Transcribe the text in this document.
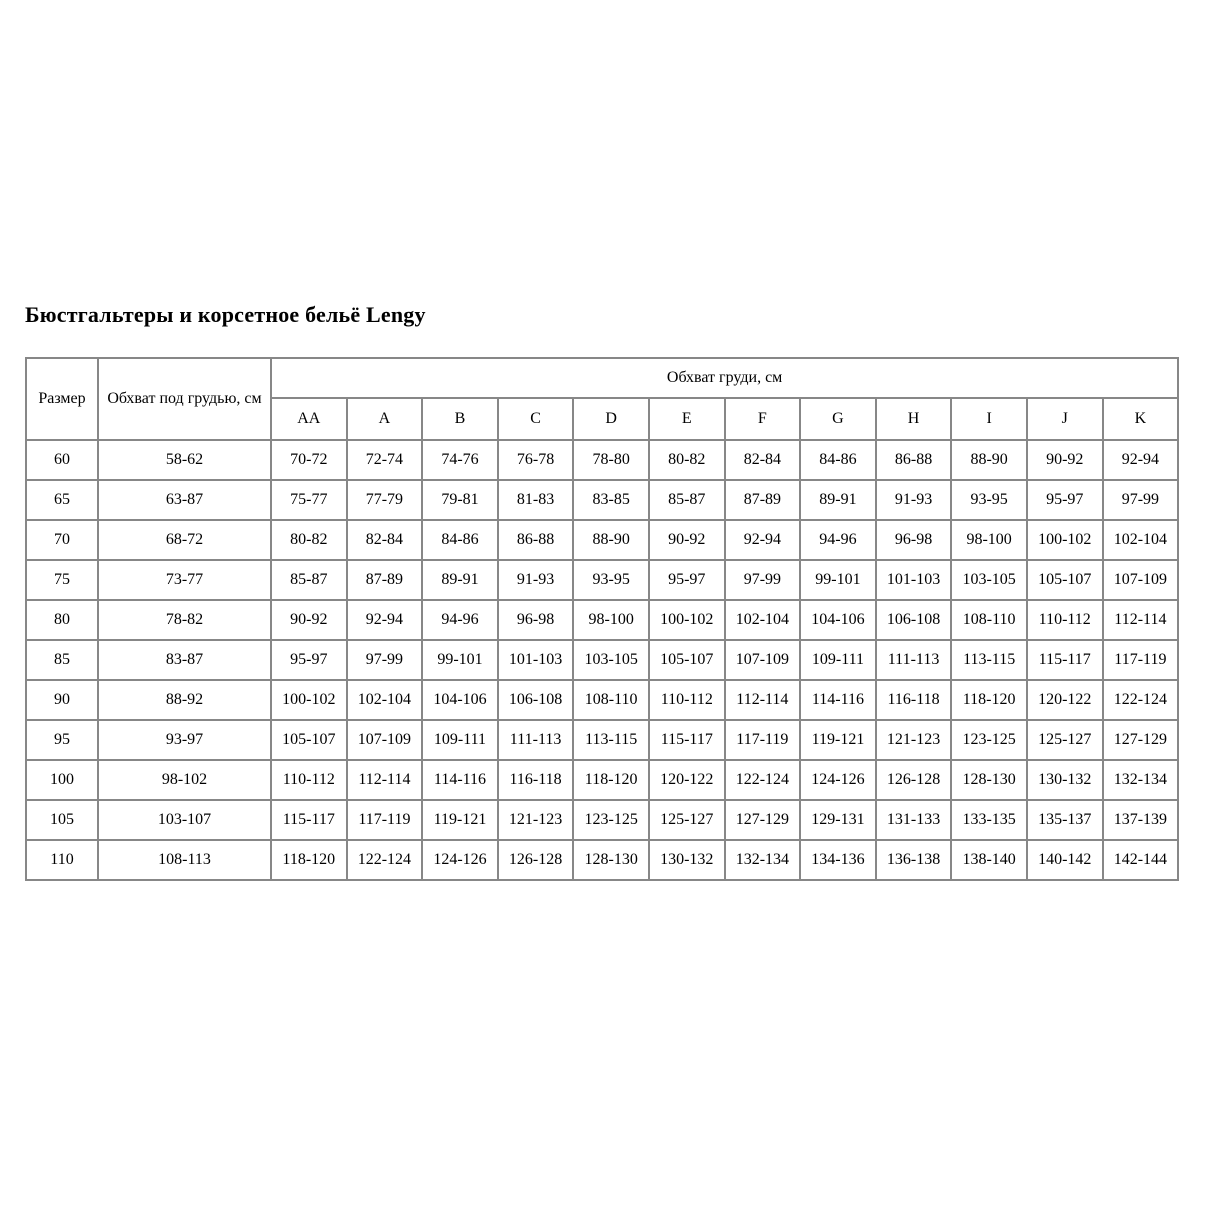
Бюстгальтеры и корсетное бельё Lengy
Размер	Обхват под грудью, см	Обхват груди, см											
		AA	A	B	C	D	E	F	G	H	I	J	K
60	58-62	70-72	72-74	74-76	76-78	78-80	80-82	82-84	84-86	86-88	88-90	90-92	92-94
65	63-87	75-77	77-79	79-81	81-83	83-85	85-87	87-89	89-91	91-93	93-95	95-97	97-99
70	68-72	80-82	82-84	84-86	86-88	88-90	90-92	92-94	94-96	96-98	98-100	100-102	102-104
75	73-77	85-87	87-89	89-91	91-93	93-95	95-97	97-99	99-101	101-103	103-105	105-107	107-109
80	78-82	90-92	92-94	94-96	96-98	98-100	100-102	102-104	104-106	106-108	108-110	110-112	112-114
85	83-87	95-97	97-99	99-101	101-103	103-105	105-107	107-109	109-111	111-113	113-115	115-117	117-119
90	88-92	100-102	102-104	104-106	106-108	108-110	110-112	112-114	114-116	116-118	118-120	120-122	122-124
95	93-97	105-107	107-109	109-111	111-113	113-115	115-117	117-119	119-121	121-123	123-125	125-127	127-129
100	98-102	110-112	112-114	114-116	116-118	118-120	120-122	122-124	124-126	126-128	128-130	130-132	132-134
105	103-107	115-117	117-119	119-121	121-123	123-125	125-127	127-129	129-131	131-133	133-135	135-137	137-139
110	108-113	118-120	122-124	124-126	126-128	128-130	130-132	132-134	134-136	136-138	138-140	140-142	142-144
